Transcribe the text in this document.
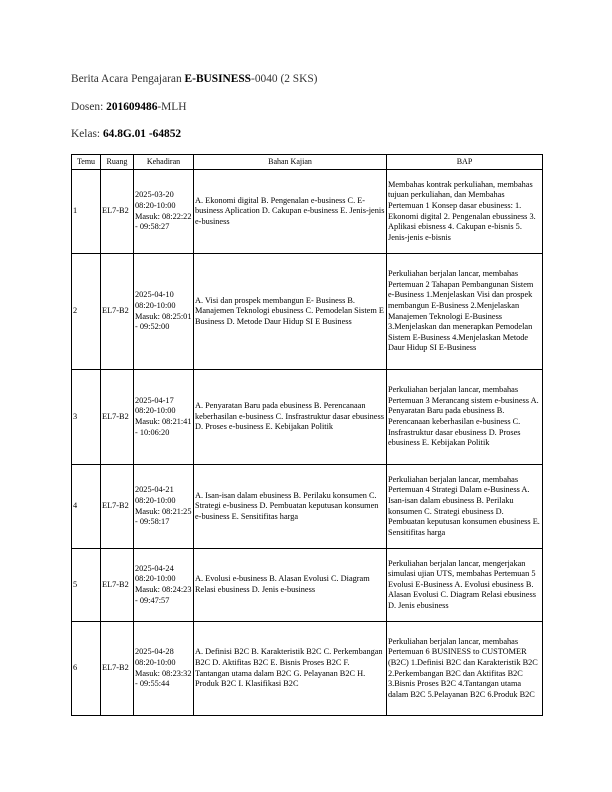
Berita Acara Pengajaran E-BUSINESS-0040 (2 SKS)
Dosen: 201609486-MLH
Kelas: 64.8G.01 -64852
Temu	Ruang	Kehadiran	Bahan Kajian	BAP
1	EL7-B2	2025-03-20 08:20-10:00 Masuk: 08:22:22 - 09:58:27	A. Ekonomi digital B. Pengenalan e-business C. E-business Aplication D. Cakupan e-business E. Jenis-jenis e-business	Membahas kontrak perkuliahan, membahas tujuan perkuliahan, dan Membahas Pertemuan 1 Konsep dasar ebusiness: 1. Ekonomi digital 2. Pengenalan ebussiness 3. Aplikasi ebisness 4. Cakupan e-bisnis 5. Jenis-jenis e-bisnis
2	EL7-B2	2025-04-10 08:20-10:00 Masuk: 08:25:01 - 09:52:00	A. Visi dan prospek membangun E- Business B. Manajemen Teknologi ebusiness C. Pemodelan Sistem E Business D. Metode Daur Hidup SI E Business	Perkuliahan berjalan lancar, membahas Pertemuan 2 Tahapan Pembangunan Sistem e-Business 1.Menjelaskan Visi dan prospek membangun E-Business 2.Menjelaskan Manajemen Teknologi E-Business 3.Menjelaskan dan menerapkan Pemodelan Sistem E-Business 4.Menjelaskan Metode Daur Hidup SI E-Business
3	EL7-B2	2025-04-17 08:20-10:00 Masuk: 08:21:41 - 10:06:20	A. Penyaratan Baru pada ebusiness B. Perencanaan keberhasilan e-business C. Insfrastruktur dasar ebusiness D. Proses e-business E. Kebijakan Politik	Perkuliahan berjalan lancar, membahas Pertemuan 3 Merancang sistem e-business A. Penyaratan Baru pada ebusiness B. Perencanaan keberhasilan e-business C. Insfrastruktur dasar ebusiness D. Proses ebusiness E. Kebijakan Politik
4	EL7-B2	2025-04-21 08:20-10:00 Masuk: 08:21:25 - 09:58:17	A. Isan-isan dalam ebusiness B. Perilaku konsumen C. Strategi e-business D. Pembuatan keputusan konsumen e-business E. Sensitifitas harga	Perkuliahan berjalan lancar, membahas Pertemuan 4 Strategi Dalam e-Business A. Isan-isan dalam ebusiness B. Perilaku konsumen C. Strategi ebusiness D. Pembuatan keputusan konsumen ebusiness E. Sensitifitas harga
5	EL7-B2	2025-04-24 08:20-10:00 Masuk: 08:24:23 - 09:47:57	A. Evolusi e-business B. Alasan Evolusi C. Diagram Relasi ebusiness D. Jenis e-business	Perkuliahan berjalan lancar, mengerjakan simulasi ujian UTS, membahas Pertemuan 5 Evolusi E-Business A. Evolusi ebusiness B. Alasan Evolusi C. Diagram Relasi ebusiness D. Jenis ebusiness
6	EL7-B2	2025-04-28 08:20-10:00 Masuk: 08:23:32 - 09:55:44	A. Definisi B2C B. Karakteristik B2C C. Perkembangan B2C D. Aktifitas B2C E. Bisnis Proses B2C F. Tantangan utama dalam B2C G. Pelayanan B2C H. Produk B2C I. Klasifikasi B2C	Perkuliahan berjalan lancar, membahas Pertemuan 6 BUSINESS to CUSTOMER (B2C) 1.Definisi B2C dan Karakteristik B2C 2.Perkembangan B2C dan Aktifitas B2C 3.Bisnis Proses B2C 4.Tantangan utama dalam B2C 5.Pelayanan B2C 6.Produk B2C
